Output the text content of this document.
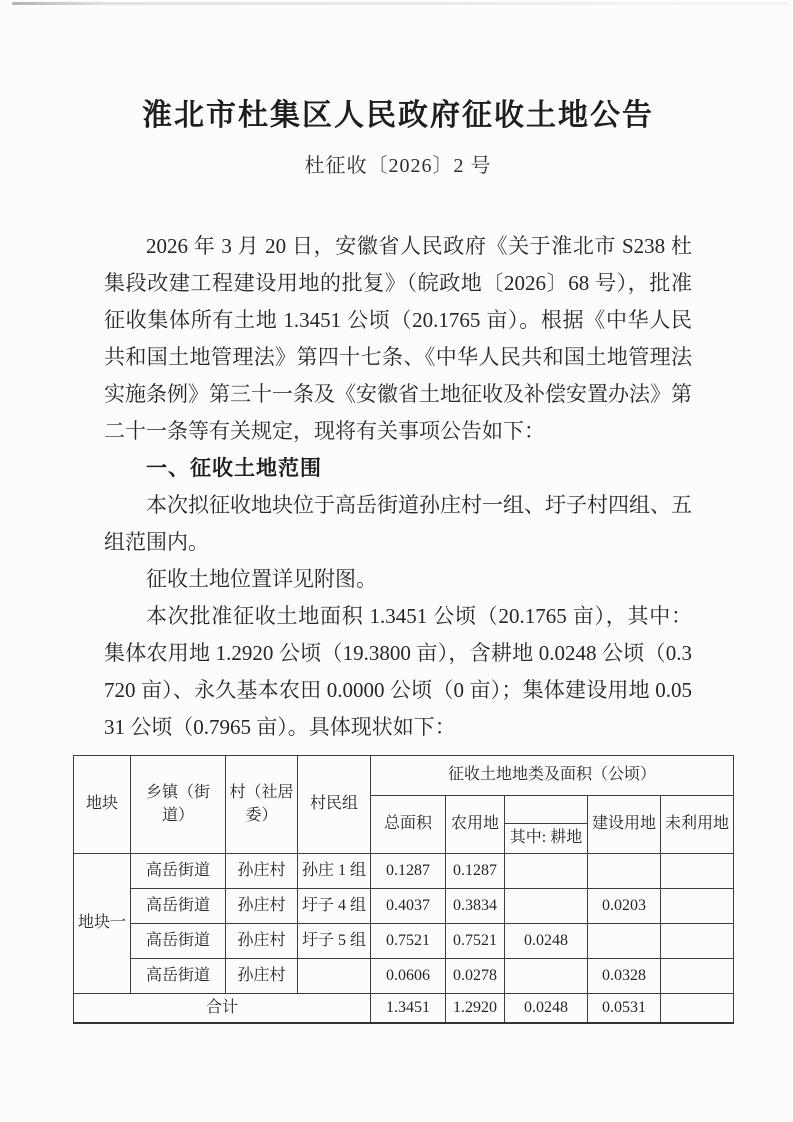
淮北市杜集区人民政府征收土地公告
杜征收〔2026〕2 号

2026 年 3 月 20 日，安徽省人民政府《关于淮北市 S238 杜集段改建工程建设用地的批复》（皖政地〔2026〕68 号），批准征收集体所有土地 1.3451 公顷（20.1765 亩）。根据《中华人民共和国土地管理法》第四十七条、《中华人民共和国土地管理法实施条例》第三十一条及《安徽省土地征收及补偿安置办法》第二十一条等有关规定，现将有关事项公告如下：

一、征收土地范围

本次拟征收地块位于高岳街道孙庄村一组、圩子村四组、五组范围内。

征收土地位置详见附图。

本次批准征收土地面积 1.3451 公顷（20.1765 亩），其中：集体农用地 1.2920 公顷（19.3800 亩），含耕地 0.0248 公顷（0.3720 亩）、永久基本农田 0.0000 公顷（0 亩）；集体建设用地 0.0531 公顷（0.7965 亩）。具体现状如下：

地块	乡镇（街道）	村（社居委）	村民组	征收土地地类及面积（公顷）				
				总面积	农用地		建设用地	未利用地
						其中: 耕地		
地块一	高岳街道	孙庄村	孙庄 1 组	0.1287	0.1287			
	高岳街道	孙庄村	圩子 4 组	0.4037	0.3834		0.0203	
	高岳街道	孙庄村	圩子 5 组	0.7521	0.7521	0.0248		
	高岳街道	孙庄村		0.0606	0.0278		0.0328	
合计				1.3451	1.2920	0.0248	0.0531	
